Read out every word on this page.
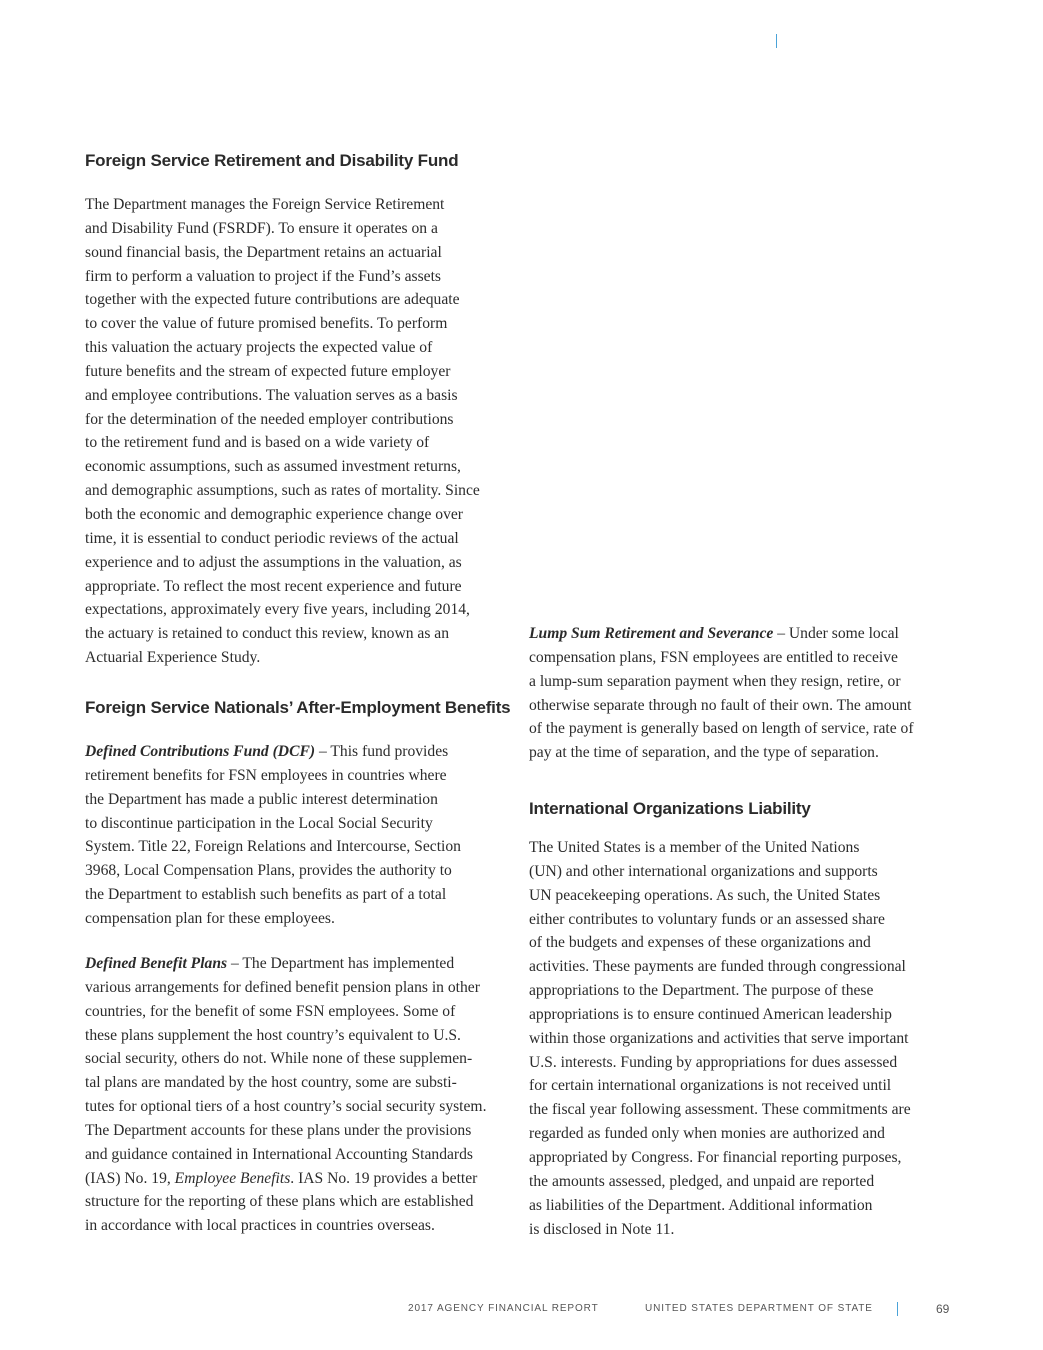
Foreign Service Retirement and Disability Fund
The Department manages the Foreign Service Retirement
and Disability Fund (FSRDF). To ensure it operates on a
sound financial basis, the Department retains an actuarial
firm to perform a valuation to project if the Fund’s assets
together with the expected future contributions are adequate
to cover the value of future promised benefits. To perform
this valuation the actuary projects the expected value of
future benefits and the stream of expected future employer
and employee contributions. The valuation serves as a basis
for the determination of the needed employer contributions
to the retirement fund and is based on a wide variety of
economic assumptions, such as assumed investment returns,
and demographic assumptions, such as rates of mortality. Since
both the economic and demographic experience change over
time, it is essential to conduct periodic reviews of the actual
experience and to adjust the assumptions in the valuation, as
appropriate. To reflect the most recent experience and future
expectations, approximately every five years, including 2014,
the actuary is retained to conduct this review, known as an
Actuarial Experience Study.
Foreign Service Nationals’ After-Employment Benefits
Defined Contributions Fund (DCF) – This fund provides
retirement benefits for FSN employees in countries where
the Department has made a public interest determination
to discontinue participation in the Local Social Security
System. Title 22, Foreign Relations and Intercourse, Section
3968, Local Compensation Plans, provides the authority to
the Department to establish such benefits as part of a total
compensation plan for these employees.
Defined Benefit Plans – The Department has implemented
various arrangements for defined benefit pension plans in other
countries, for the benefit of some FSN employees. Some of
these plans supplement the host country’s equivalent to U.S.
social security, others do not. While none of these supplemen-
tal plans are mandated by the host country, some are substi-
tutes for optional tiers of a host country’s social security system.
The Department accounts for these plans under the provisions
and guidance contained in International Accounting Standards
(IAS) No. 19, Employee Benefits. IAS No. 19 provides a better
structure for the reporting of these plans which are established
in accordance with local practices in countries overseas.
Lump Sum Retirement and Severance – Under some local
compensation plans, FSN employees are entitled to receive
a lump-sum separation payment when they resign, retire, or
otherwise separate through no fault of their own. The amount
of the payment is generally based on length of service, rate of
pay at the time of separation, and the type of separation.
International Organizations Liability
The United States is a member of the United Nations
(UN) and other international organizations and supports
UN peacekeeping operations. As such, the United States
either contributes to voluntary funds or an assessed share
of the budgets and expenses of these organizations and
activities. These payments are funded through congressional
appropriations to the Department. The purpose of these
appropriations is to ensure continued American leadership
within those organizations and activities that serve important
U.S. interests. Funding by appropriations for dues assessed
for certain international organizations is not received until
the fiscal year following assessment. These commitments are
regarded as funded only when monies are authorized and
appropriated by Congress. For financial reporting purposes,
the amounts assessed, pledged, and unpaid are reported
as liabilities of the Department. Additional information
is disclosed in Note 11.
2017 AGENCY FINANCIAL REPORT	UNITED STATES DEPARTMENT OF STATE	69
